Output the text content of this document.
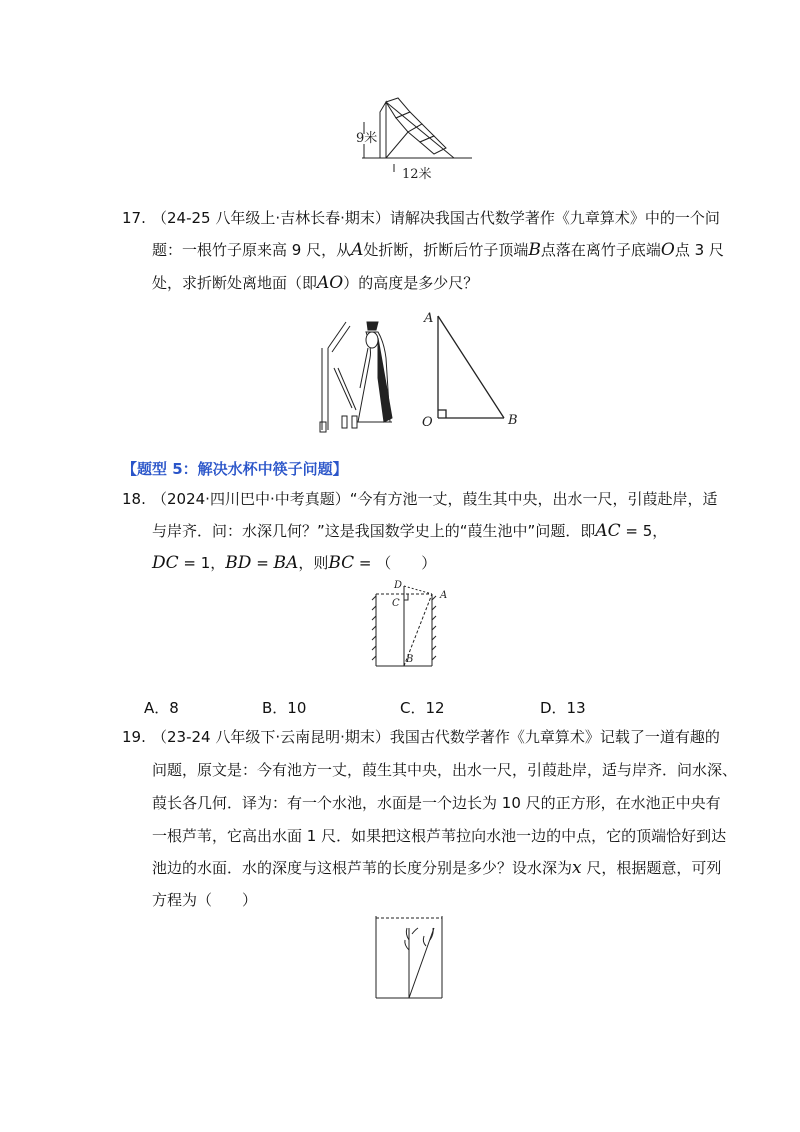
9米
12米
17. （24-25 八年级上·吉林长春·期末）请解决我国古代数学著作《九章算术》中的一个问
题：一根竹子原来高 9 尺，从A处折断，折断后竹子顶端B点落在离竹子底端O点 3 尺
处，求折断处离地面（即AO）的高度是多少尺？
A
O	B
【题型 5：解决水杯中筷子问题】
18. （2024·四川巴中·中考真题）“今有方池一丈，葭生其中央，出水一尺，引葭赴岸，适
与岸齐．问：水深几何？”这是我国数学史上的“葭生池中”问题．即AC = 5，
DC = 1，BD = BA，则BC = （　　）
D
C
A
B
A．8	B．10	C．12	D．13
19. （23-24 八年级下·云南昆明·期末）我国古代数学著作《九章算术》记载了一道有趣的
问题，原文是：今有池方一丈，葭生其中央，出水一尺，引葭赴岸，适与岸齐．问水深、
葭长各几何．译为：有一个水池，水面是一个边长为 10 尺的正方形，在水池正中央有
一根芦苇，它高出水面 1 尺．如果把这根芦苇拉向水池一边的中点，它的顶端恰好到达
池边的水面．水的深度与这根芦苇的长度分别是多少？设水深为x 尺，根据题意，可列
方程为（　　）
